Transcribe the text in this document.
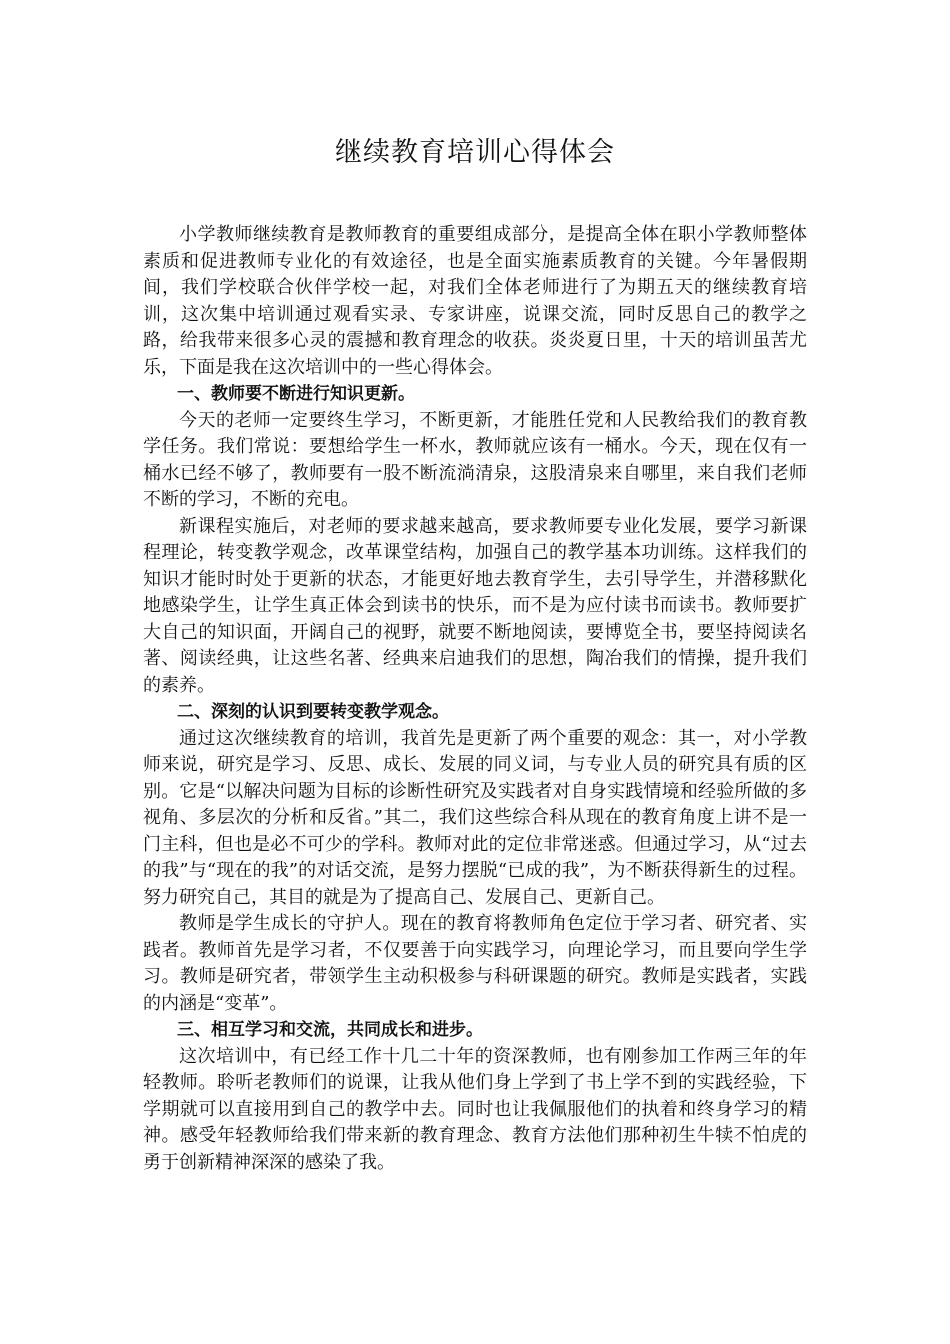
继续教育培训心得体会

小学教师继续教育是教师教育的重要组成部分，是提高全体在职小学教师整体素质和促进教师专业化的有效途径，也是全面实施素质教育的关键。今年暑假期间，我们学校联合伙伴学校一起，对我们全体老师进行了为期五天的继续教育培训，这次集中培训通过观看实录、专家讲座，说课交流，同时反思自己的教学之路，给我带来很多心灵的震撼和教育理念的收获。炎炎夏日里，十天的培训虽苦尤乐，下面是我在这次培训中的一些心得体会。

一、教师要不断进行知识更新。

今天的老师一定要终生学习，不断更新，才能胜任党和人民教给我们的教育教学任务。我们常说：要想给学生一杯水，教师就应该有一桶水。今天，现在仅有一桶水已经不够了，教师要有一股不断流淌清泉，这股清泉来自哪里，来自我们老师不断的学习，不断的充电。

新课程实施后，对老师的要求越来越高，要求教师要专业化发展，要学习新课程理论，转变教学观念，改革课堂结构，加强自己的教学基本功训练。这样我们的知识才能时时处于更新的状态，才能更好地去教育学生，去引导学生，并潜移默化地感染学生，让学生真正体会到读书的快乐，而不是为应付读书而读书。教师要扩大自己的知识面，开阔自己的视野，就要不断地阅读，要博览全书，要坚持阅读名著、阅读经典，让这些名著、经典来启迪我们的思想，陶冶我们的情操，提升我们的素养。

二、深刻的认识到要转变教学观念。

通过这次继续教育的培训，我首先是更新了两个重要的观念：其一，对小学教师来说，研究是学习、反思、成长、发展的同义词，与专业人员的研究具有质的区别。它是“以解决问题为目标的诊断性研究及实践者对自身实践情境和经验所做的多视角、多层次的分析和反省。”其二，我们这些综合科从现在的教育角度上讲不是一门主科，但也是必不可少的学科。教师对此的定位非常迷惑。但通过学习，从“过去的我”与“现在的我”的对话交流，是努力摆脱“已成的我”，为不断获得新生的过程。努力研究自己，其目的就是为了提高自己、发展自己、更新自己。

教师是学生成长的守护人。现在的教育将教师角色定位于学习者、研究者、实践者。教师首先是学习者，不仅要善于向实践学习，向理论学习，而且要向学生学习。教师是研究者，带领学生主动积极参与科研课题的研究。教师是实践者，实践的内涵是“变革”。

三、相互学习和交流，共同成长和进步。

这次培训中，有已经工作十几二十年的资深教师，也有刚参加工作两三年的年轻教师。聆听老教师们的说课，让我从他们身上学到了书上学不到的实践经验，下学期就可以直接用到自己的教学中去。同时也让我佩服他们的执着和终身学习的精神。感受年轻教师给我们带来新的教育理念、教育方法他们那种初生牛犊不怕虎的勇于创新精神深深的感染了我。
